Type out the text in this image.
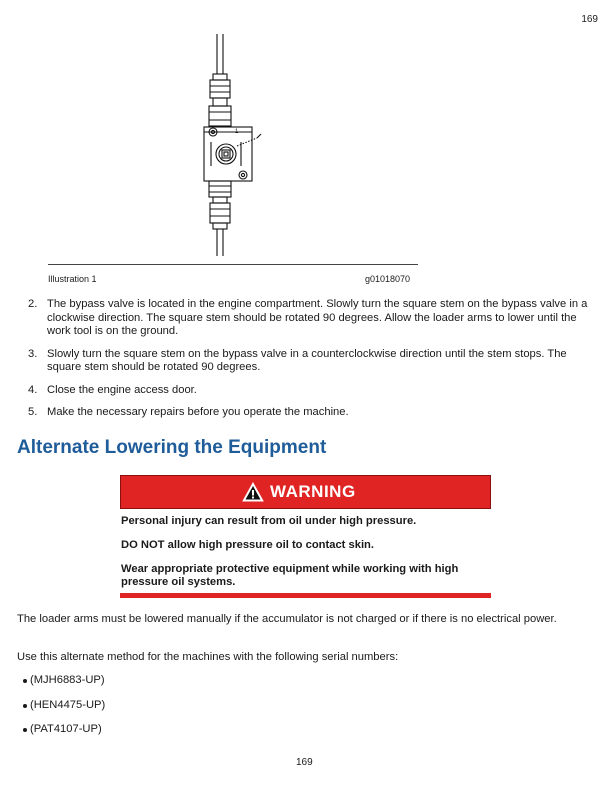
169
1
Illustration 1	g01018070
2. The bypass valve is located in the engine compartment. Slowly turn the square stem on the bypass valve in a clockwise direction. The square stem should be rotated 90 degrees. Allow the loader arms to lower until the work tool is on the ground.
3. Slowly turn the square stem on the bypass valve in a counterclockwise direction until the stem stops. The square stem should be rotated 90 degrees.
4. Close the engine access door.
5. Make the necessary repairs before you operate the machine.
Alternate Lowering the Equipment
WARNING

Personal injury can result from oil under high pressure.

DO NOT allow high pressure oil to contact skin.

Wear appropriate protective equipment while working with high pressure oil systems.

The loader arms must be lowered manually if the accumulator is not charged or if there is no electrical power.
Use this alternate method for the machines with the following serial numbers:
(MJH6883-UP)
(HEN4475-UP)
(PAT4107-UP)
169
